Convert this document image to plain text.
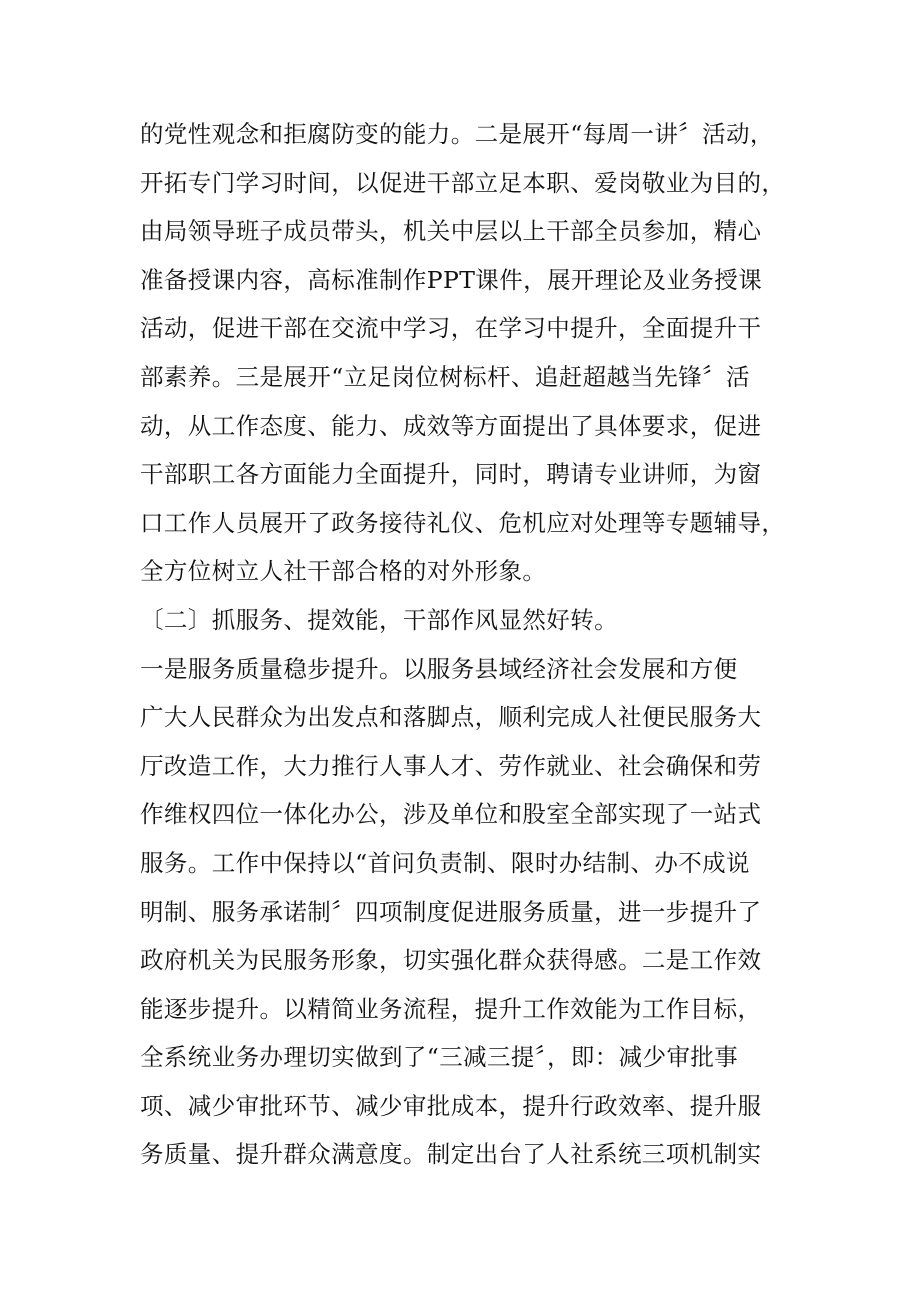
的党性观念和拒腐防变的能力。二是展开“每周一讲〞活动，
开拓专门学习时间，以促进干部立足本职、爱岗敬业为目的，
由局领导班子成员带头，机关中层以上干部全员参加，精心
准备授课内容，高标准制作PPT课件，展开理论及业务授课
活动，促进干部在交流中学习，在学习中提升，全面提升干
部素养。三是展开“立足岗位树标杆、追赶超越当先锋〞活
动，从工作态度、能力、成效等方面提出了具体要求，促进
干部职工各方面能力全面提升，同时，聘请专业讲师，为窗
口工作人员展开了政务接待礼仪、危机应对处理等专题辅导，
全方位树立人社干部合格的对外形象。
〔二〕抓服务、提效能，干部作风显然好转。
一是服务质量稳步提升。以服务县域经济社会发展和方便
广大人民群众为出发点和落脚点，顺利完成人社便民服务大
厅改造工作，大力推行人事人才、劳作就业、社会确保和劳
作维权四位一体化办公，涉及单位和股室全部实现了一站式
服务。工作中保持以“首问负责制、限时办结制、办不成说
明制、服务承诺制〞四项制度促进服务质量，进一步提升了
政府机关为民服务形象，切实强化群众获得感。二是工作效
能逐步提升。以精简业务流程，提升工作效能为工作目标，
全系统业务办理切实做到了“三减三提〞，即：减少审批事
项、减少审批环节、减少审批成本，提升行政效率、提升服
务质量、提升群众满意度。制定出台了人社系统三项机制实
